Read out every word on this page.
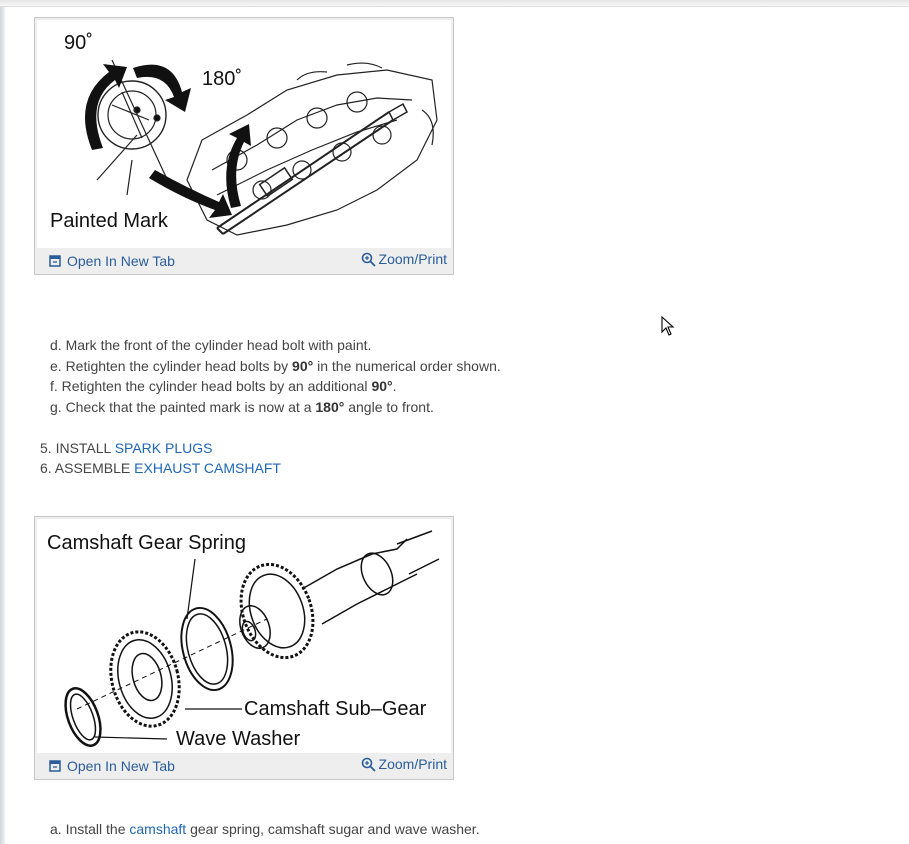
90˚
180˚
Painted Mark
Open In New Tab	Zoom/Print

d. Mark the front of the cylinder head bolt with paint.

e. Retighten the cylinder head bolts by 90° in the numerical order shown.

f. Retighten the cylinder head bolts by an additional 90°.

g. Check that the painted mark is now at a 180° angle to front.

5. INSTALL SPARK PLUGS

6. ASSEMBLE EXHAUST CAMSHAFT

Camshaft Gear Spring
Camshaft Sub–Gear
Wave Washer
Open In New Tab	Zoom/Print

a. Install the camshaft gear spring, camshaft sugar and wave washer.
